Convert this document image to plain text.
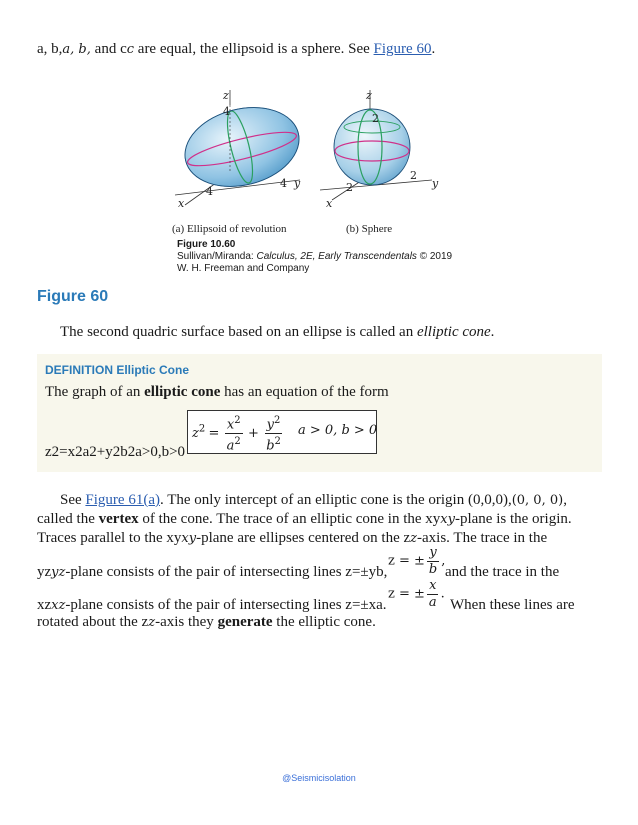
a, b,a, b, and cc are equal, the ellipsoid is a sphere. See Figure 60.
z
4
4 y
4
x
z
2
2
y
2
x
(a) Ellipsoid of revolution	(b) Sphere
Figure 10.60
Sullivan/Miranda: Calculus, 2E, Early Transcendentals © 2019
W. H. Freeman and Company
Figure 60
The second quadric surface based on an ellipse is called an elliptic cone.
DEFINITION Elliptic Cone
The graph of an elliptic cone has an equation of the form
z2=x2a2+y2b2a>0,b>0
$z^2 = \frac{x^2}{a^2} + \frac{y^2}{b^2}$ a > 0, b > 0
See Figure 61(a). The only intercept of an elliptic cone is the origin (0,0,0),(0, 0, 0),
called the vertex of the cone. The trace of an elliptic cone in the xyxy-plane is the origin.
Traces parallel to the xyxy-plane are ellipses centered on the zz-axis. The trace in the
yzyz-plane consists of the pair of intersecting lines z=±yb,
z = ± $\frac{y}{b}$ ,
and the trace in the
xzxz-plane consists of the pair of intersecting lines z=±xa.
z = ± $\frac{x}{a}$ .
When these lines are
rotated about the zz-axis they generate the elliptic cone.
@Seismicisolation
